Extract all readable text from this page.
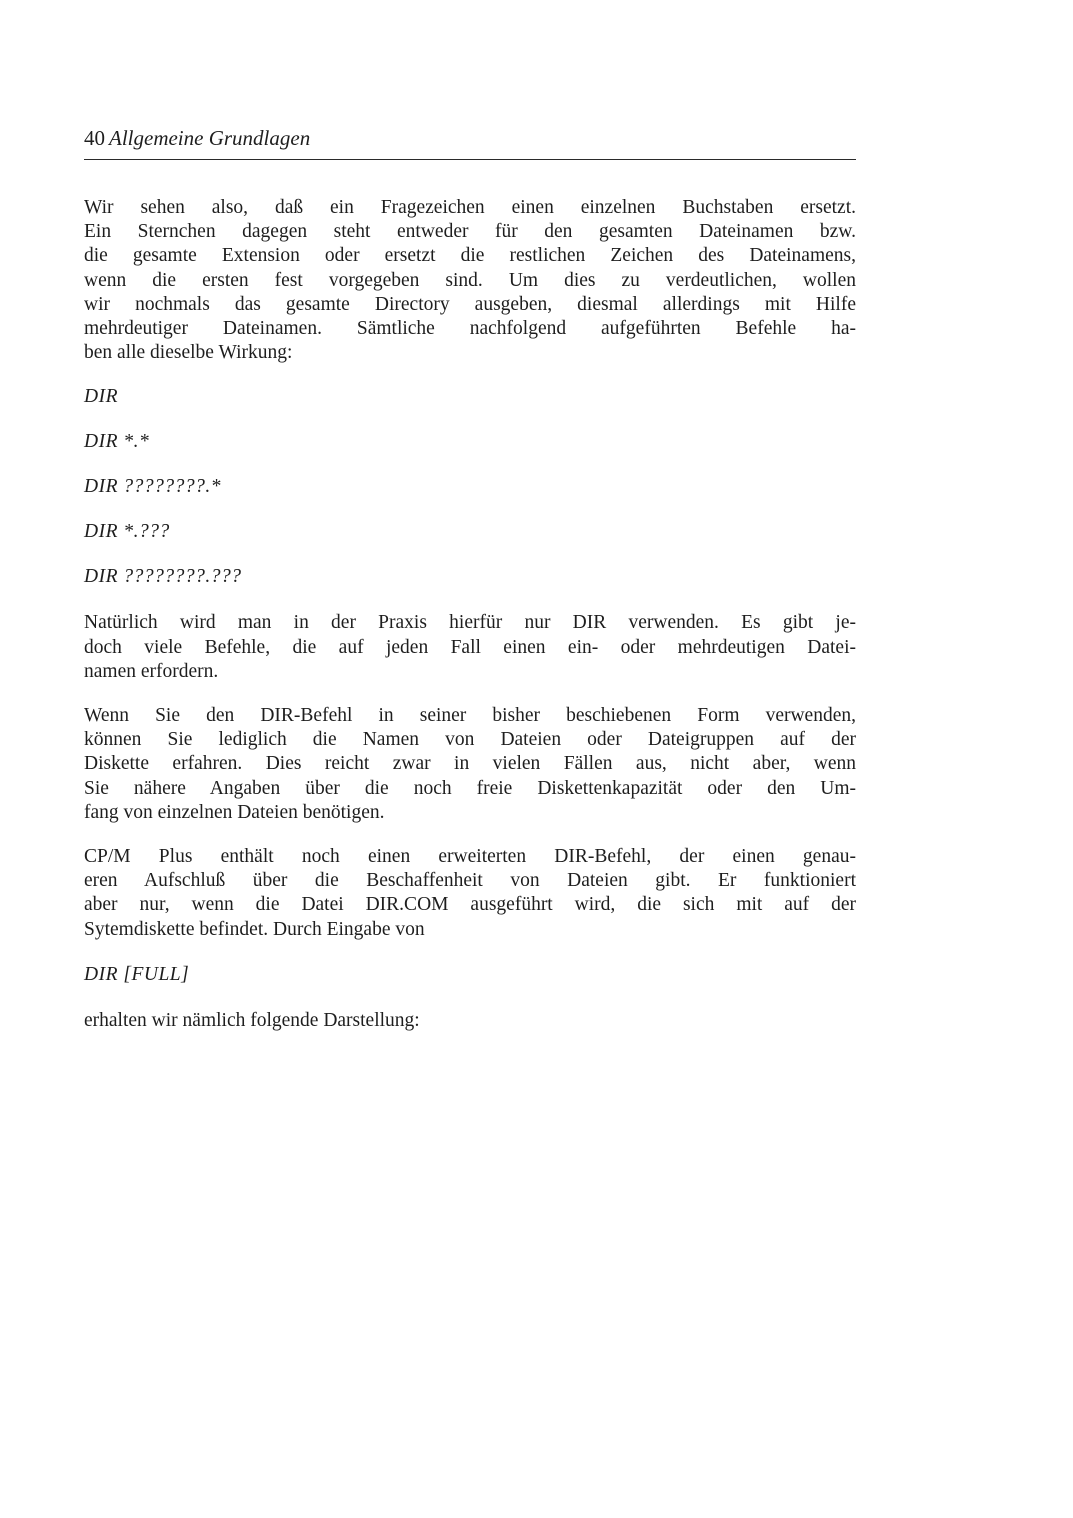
40 Allgemeine Grundlagen

Wir sehen also, daß ein Fragezeichen einen einzelnen Buchstaben ersetzt.
Ein Sternchen dagegen steht entweder für den gesamten Dateinamen bzw.
die gesamte Extension oder ersetzt die restlichen Zeichen des Dateinamens,
wenn die ersten fest vorgegeben sind. Um dies zu verdeutlichen, wollen
wir nochmals das gesamte Directory ausgeben, diesmal allerdings mit Hilfe
mehrdeutiger Dateinamen. Sämtliche nachfolgend aufgeführten Befehle ha-
ben alle dieselbe Wirkung:

DIR

DIR *.*

DIR ????????.*

DIR *.???

DIR ????????.???

Natürlich wird man in der Praxis hierfür nur DIR verwenden. Es gibt je-
doch viele Befehle, die auf jeden Fall einen ein- oder mehrdeutigen Datei-
namen erfordern.

Wenn Sie den DIR-Befehl in seiner bisher beschiebenen Form verwenden,
können Sie lediglich die Namen von Dateien oder Dateigruppen auf der
Diskette erfahren. Dies reicht zwar in vielen Fällen aus, nicht aber, wenn
Sie nähere Angaben über die noch freie Diskettenkapazität oder den Um-
fang von einzelnen Dateien benötigen.

CP/M Plus enthält noch einen erweiterten DIR-Befehl, der einen genau-
eren Aufschluß über die Beschaffenheit von Dateien gibt. Er funktioniert
aber nur, wenn die Datei DIR.COM ausgeführt wird, die sich mit auf der
Sytemdiskette befindet. Durch Eingabe von

DIR [FULL]

erhalten wir nämlich folgende Darstellung:
